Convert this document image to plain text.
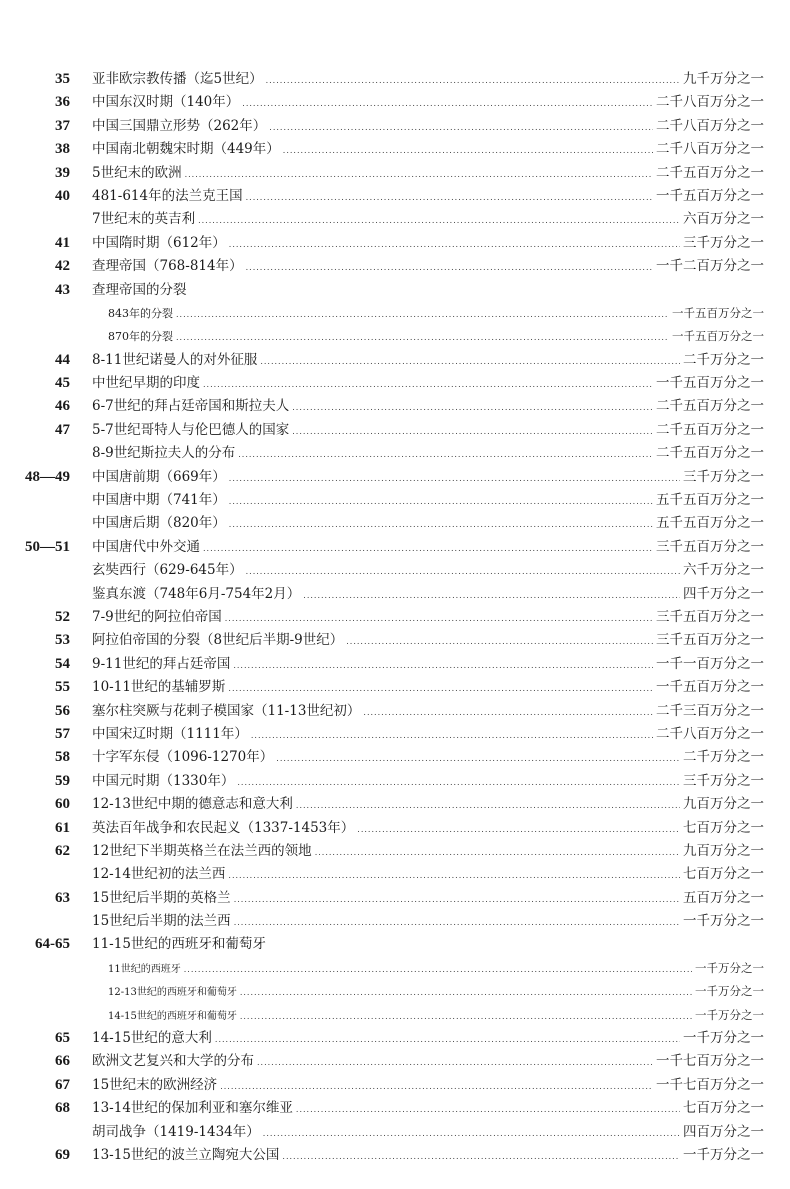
35 亚非欧宗教传播（迄5世纪） .....	九千万分之一
36 中国东汉时期（140年） .....	二千八百万分之一
37 中国三国鼎立形势（262年） .....	二千八百万分之一
38 中国南北朝魏宋时期（449年） .....	二千八百万分之一
39 5世纪末的欧洲 .....	二千五百万分之一
40 481-614年的法兰克王国 .....	一千五百万分之一
7世纪末的英吉利 .....	六百万分之一
41 中国隋时期（612年） .....	三千万分之一
42 查理帝国（768-814年） .....	一千二百万分之一
43 查理帝国的分裂
843年的分裂 .....	一千五百万分之一
870年的分裂 .....	一千五百万分之一
44 8-11世纪诺曼人的对外征服 .....	二千万分之一
45 中世纪早期的印度 .....	一千五百万分之一
46 6-7世纪的拜占廷帝国和斯拉夫人 .....	二千五百万分之一
47 5-7世纪哥特人与伦巴德人的国家 .....	二千五百万分之一
8-9世纪斯拉夫人的分布 .....	二千五百万分之一
48—49 中国唐前期（669年） .....	三千万分之一
中国唐中期（741年） .....	五千五百万分之一
中国唐后期（820年） .....	五千五百万分之一
50—51 中国唐代中外交通 .....	三千五百万分之一
玄奘西行（629-645年） .....	六千万分之一
鉴真东渡（748年6月-754年2月） .....	四千万分之一
52 7-9世纪的阿拉伯帝国 .....	三千五百万分之一
53 阿拉伯帝国的分裂（8世纪后半期-9世纪） .....	三千五百万分之一
54 9-11世纪的拜占廷帝国 .....	一千一百万分之一
55 10-11世纪的基辅罗斯 .....	一千五百万分之一
56 塞尔柱突厥与花剌子模国家（11-13世纪初） .....	二千三百万分之一
57 中国宋辽时期（1111年） .....	二千八百万分之一
58 十字军东侵（1096-1270年） .....	二千万分之一
59 中国元时期（1330年） .....	三千万分之一
60 12-13世纪中期的德意志和意大利 .....	九百万分之一
61 英法百年战争和农民起义（1337-1453年） .....	七百万分之一
62 12世纪下半期英格兰在法兰西的领地 .....	九百万分之一
12-14世纪初的法兰西 .....	七百万分之一
63 15世纪后半期的英格兰 .....	五百万分之一
15世纪后半期的法兰西 .....	一千万分之一
64-65 11-15世纪的西班牙和葡萄牙
11世纪的西班牙 .....	一千万分之一
12-13世纪的西班牙和葡萄牙 .....	一千万分之一
14-15世纪的西班牙和葡萄牙 .....	一千万分之一
65 14-15世纪的意大利 .....	一千万分之一
66 欧洲文艺复兴和大学的分布 .....	一千七百万分之一
67 15世纪末的欧洲经济 .....	一千七百万分之一
68 13-14世纪的保加利亚和塞尔维亚 .....	七百万分之一
胡司战争（1419-1434年） .....	四百万分之一
69 13-15世纪的波兰立陶宛大公国 .....	一千万分之一
